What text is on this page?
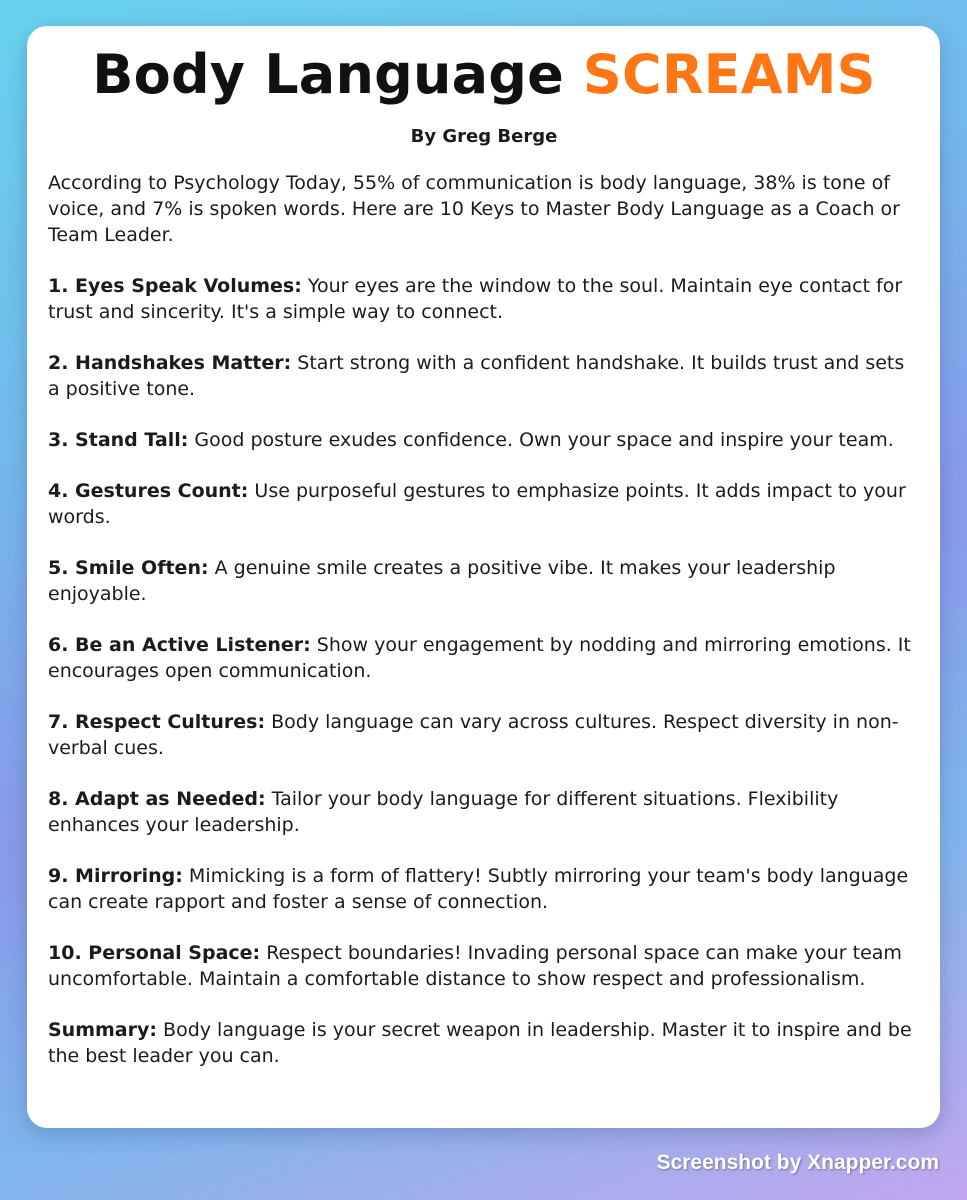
Body Language SCREAMS
By Greg Berge

According to Psychology Today, 55% of communication is body language, 38% is tone of voice, and 7% is spoken words. Here are 10 Keys to Master Body Language as a Coach or Team Leader.

1. Eyes Speak Volumes: Your eyes are the window to the soul. Maintain eye contact for trust and sincerity. It's a simple way to connect.

2. Handshakes Matter: Start strong with a confident handshake. It builds trust and sets a positive tone.

3. Stand Tall: Good posture exudes confidence. Own your space and inspire your team.

4. Gestures Count: Use purposeful gestures to emphasize points. It adds impact to your words.

5. Smile Often: A genuine smile creates a positive vibe. It makes your leadership enjoyable.

6. Be an Active Listener: Show your engagement by nodding and mirroring emotions. It encourages open communication.

7. Respect Cultures: Body language can vary across cultures. Respect diversity in non-verbal cues.

8. Adapt as Needed: Tailor your body language for different situations. Flexibility enhances your leadership.

9. Mirroring: Mimicking is a form of flattery! Subtly mirroring your team's body language can create rapport and foster a sense of connection.

10. Personal Space: Respect boundaries! Invading personal space can make your team uncomfortable. Maintain a comfortable distance to show respect and professionalism.

Summary: Body language is your secret weapon in leadership. Master it to inspire and be the best leader you can.

Screenshot by Xnapper.com
